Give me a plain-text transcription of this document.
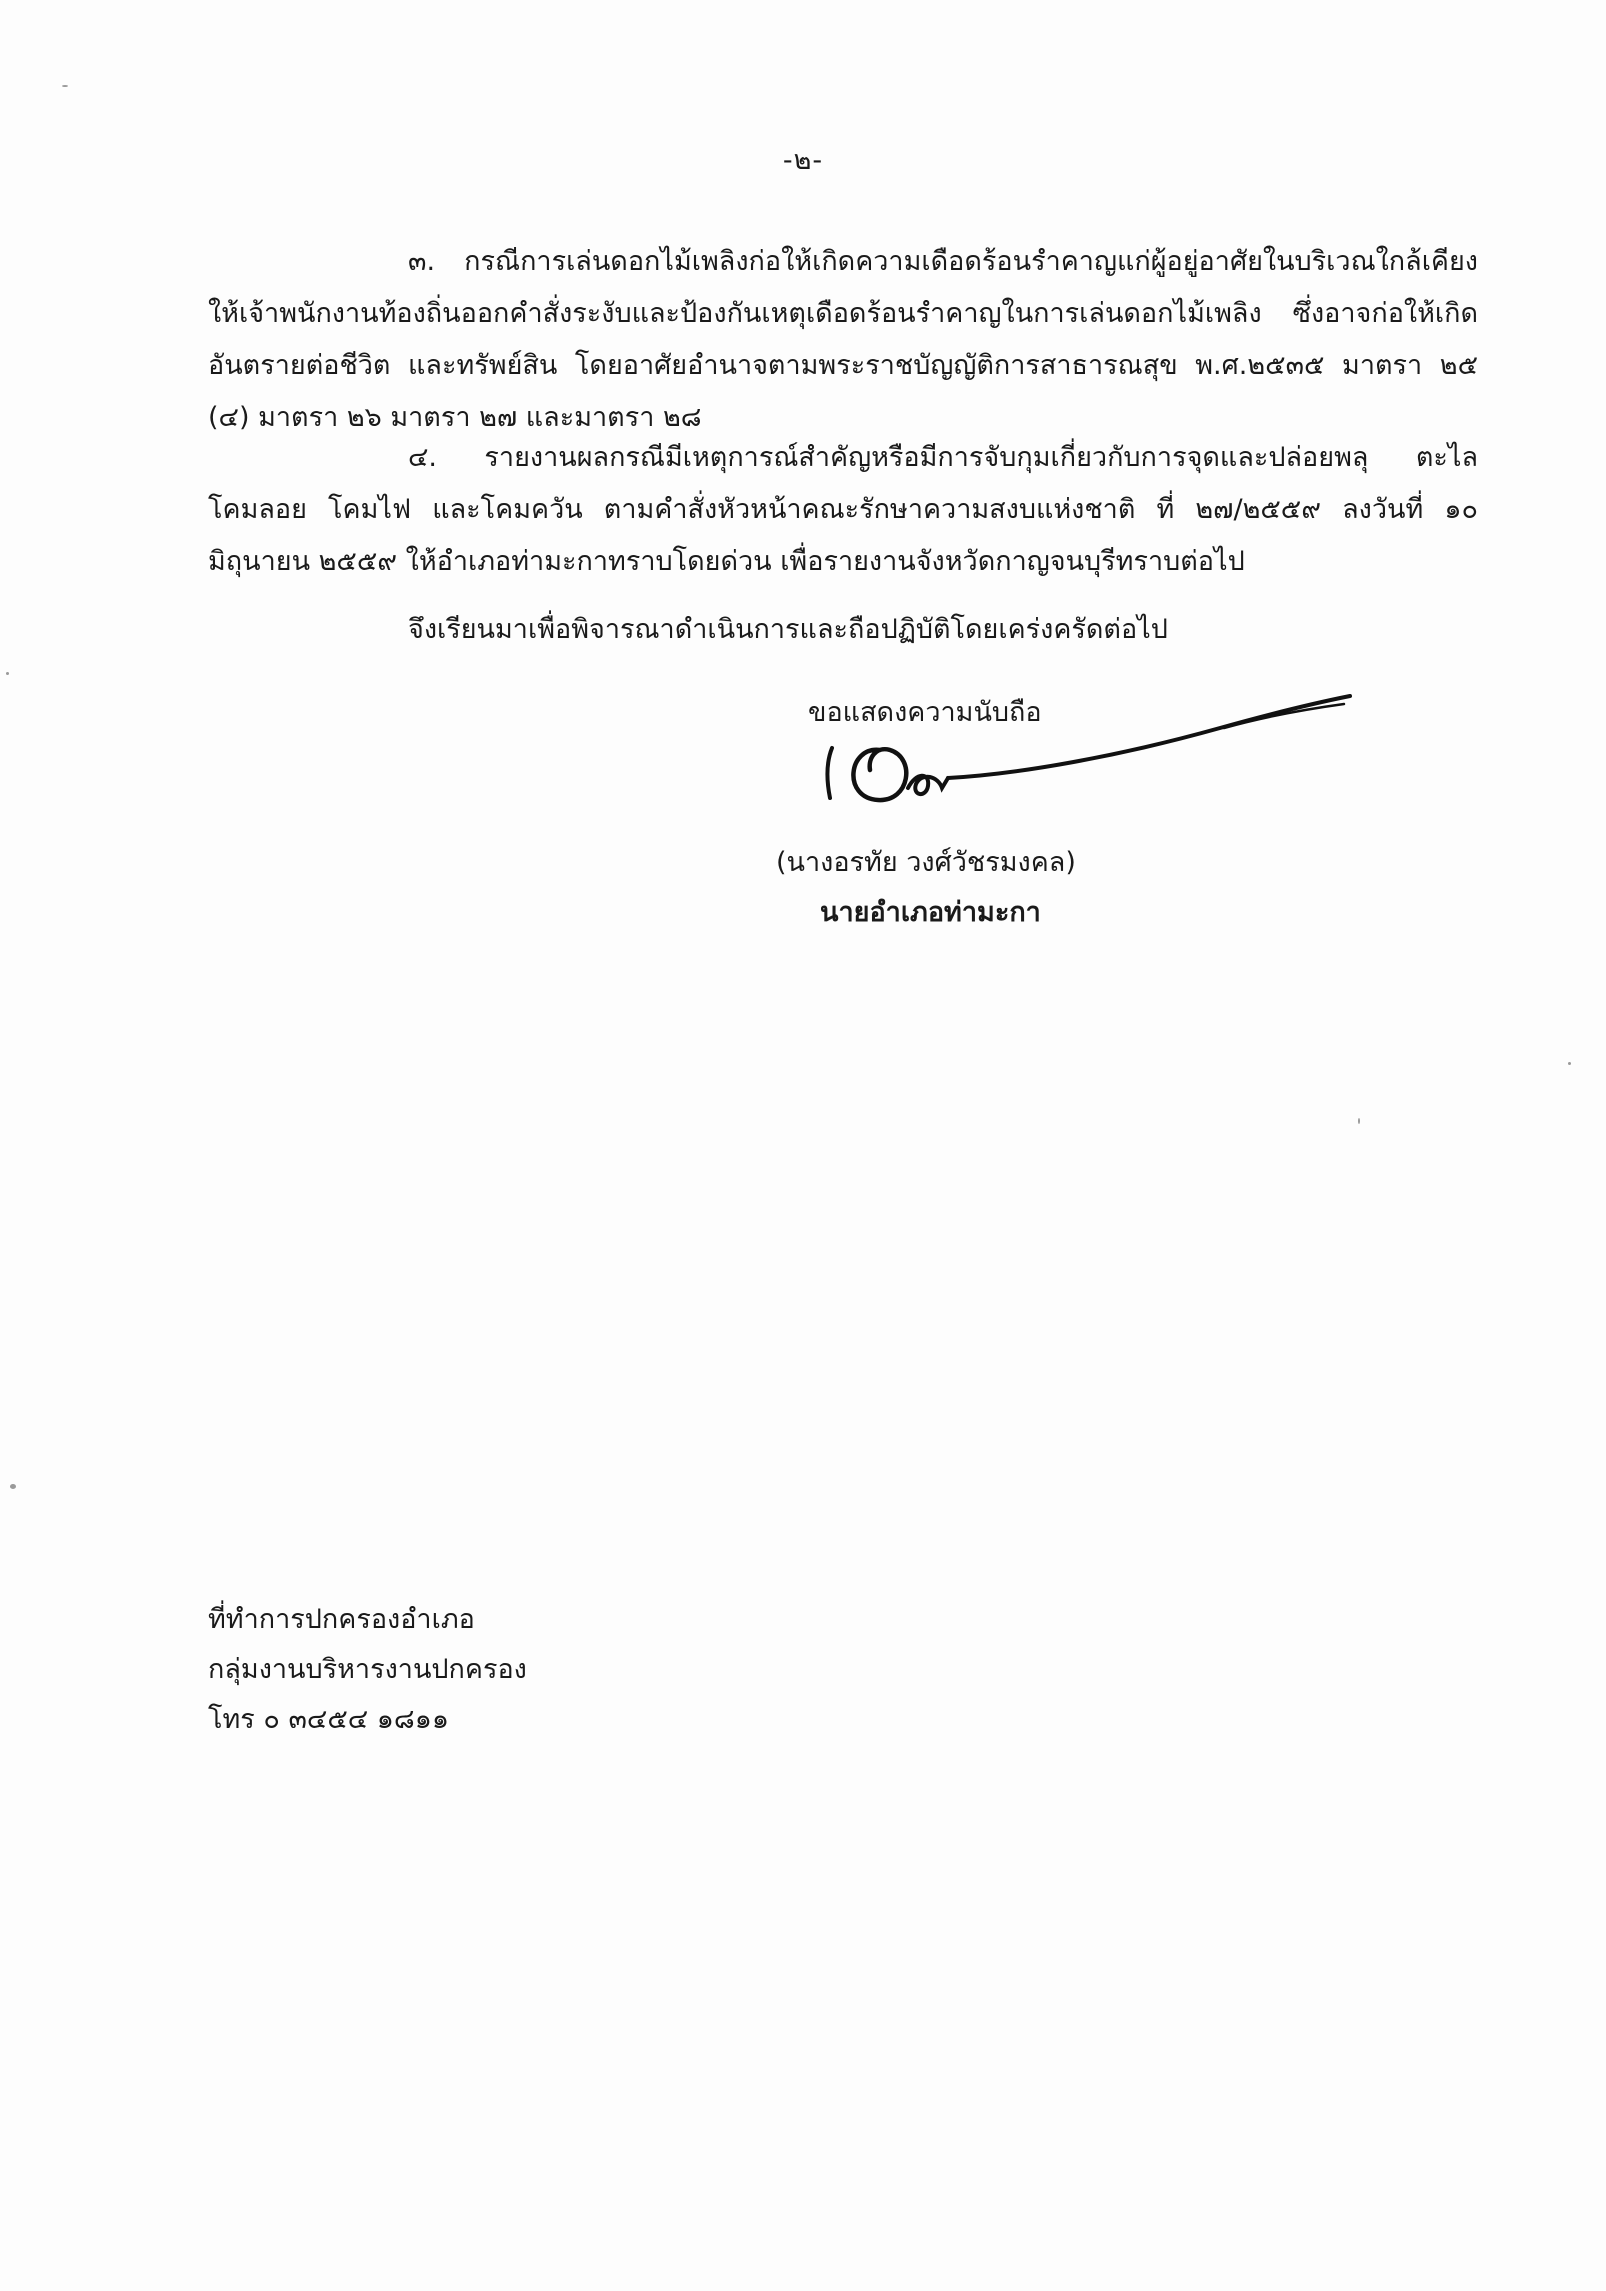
-๒-

๓. กรณีการเล่นดอกไม้เพลิงก่อให้เกิดความเดือดร้อนรำคาญแก่ผู้อยู่อาศัยในบริเวณใกล้เคียง ให้เจ้าพนักงานท้องถิ่นออกคำสั่งระงับและป้องกันเหตุเดือดร้อนรำคาญในการเล่นดอกไม้เพลิง ซึ่งอาจก่อให้เกิดอันตรายต่อชีวิต และทรัพย์สิน โดยอาศัยอำนาจตามพระราชบัญญัติการสาธารณสุข พ.ศ.๒๕๓๕ มาตรา ๒๕ (๔) มาตรา ๒๖ มาตรา ๒๗ และมาตรา ๒๘

๔. รายงานผลกรณีมีเหตุการณ์สำคัญหรือมีการจับกุมเกี่ยวกับการจุดและปล่อยพลุ ตะไล โคมลอย โคมไฟ และโคมควัน ตามคำสั่งหัวหน้าคณะรักษาความสงบแห่งชาติ ที่ ๒๗/๒๕๕๙ ลงวันที่ ๑๐ มิถุนายน ๒๕๕๙ ให้อำเภอท่ามะกาทราบโดยด่วน เพื่อรายงานจังหวัดกาญจนบุรีทราบต่อไป

จึงเรียนมาเพื่อพิจารณาดำเนินการและถือปฏิบัติโดยเคร่งครัดต่อไป
ขอแสดงความนับถือ
(นางอรทัย วงศ์วัชรมงคล)
นายอำเภอท่ามะกา
ที่ทำการปกครองอำเภอ
กลุ่มงานบริหารงานปกครอง
โทร ๐ ๓๔๕๔ ๑๘๑๑
